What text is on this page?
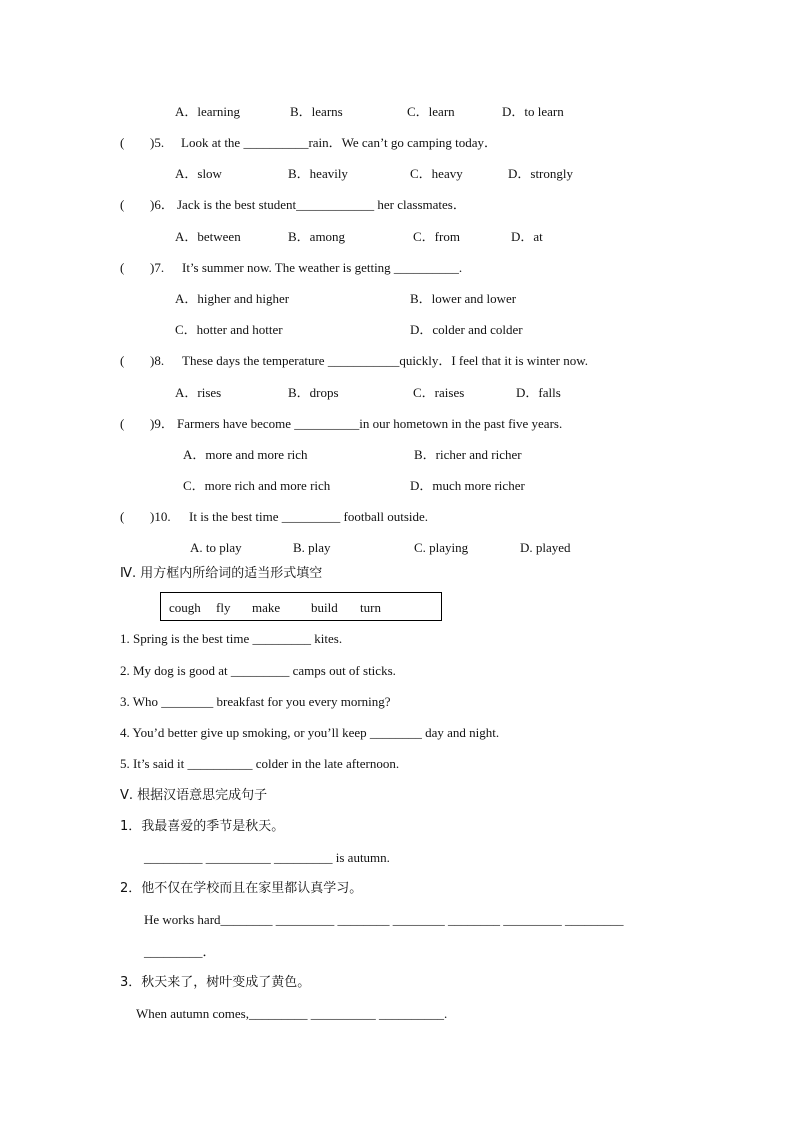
A．learning	B．learns	C．learn	D．to learn
( )5. Look at the __________rain．We can’t go camping today．
A．slow	B．heavily	C．heavy	D．strongly
( )6． Jack is the best student____________ her classmates．
A．between	B．among	C．from	D．at
( )7. It’s summer now. The weather is getting __________.
A．higher and higher	B．lower and lower
C．hotter and hotter	D．colder and colder
( )8. These days the temperature ___________quickly．I feel that it is winter now.
A．rises	B．drops	C．raises	D．falls
( )9． Farmers have become __________in our hometown in the past five years.
A．more and more rich	B．richer and richer
C．more rich and more rich	D．much more richer
( )10. It is the best time _________ football outside.
A. to play	B. play	C. playing	D. played
Ⅳ. 用方框内所给词的适当形式填空
cough fly make build turn
1. Spring is the best time _________ kites.
2. My dog is good at _________ camps out of sticks.
3. Who ________ breakfast for you every morning?
4. You’d better give up smoking, or you’ll keep ________ day and night.
5. It’s said it __________ colder in the late afternoon.
Ⅴ. 根据汉语意思完成句子
1．我最喜爱的季节是秋天。
_________ __________ _________ is autumn.
2．他不仅在学校而且在家里都认真学习。
He works hard________ _________ ________ ________ ________ _________ _________
_________．
3．秋天来了，树叶变成了黄色。
When autumn comes,_________ __________ __________.
